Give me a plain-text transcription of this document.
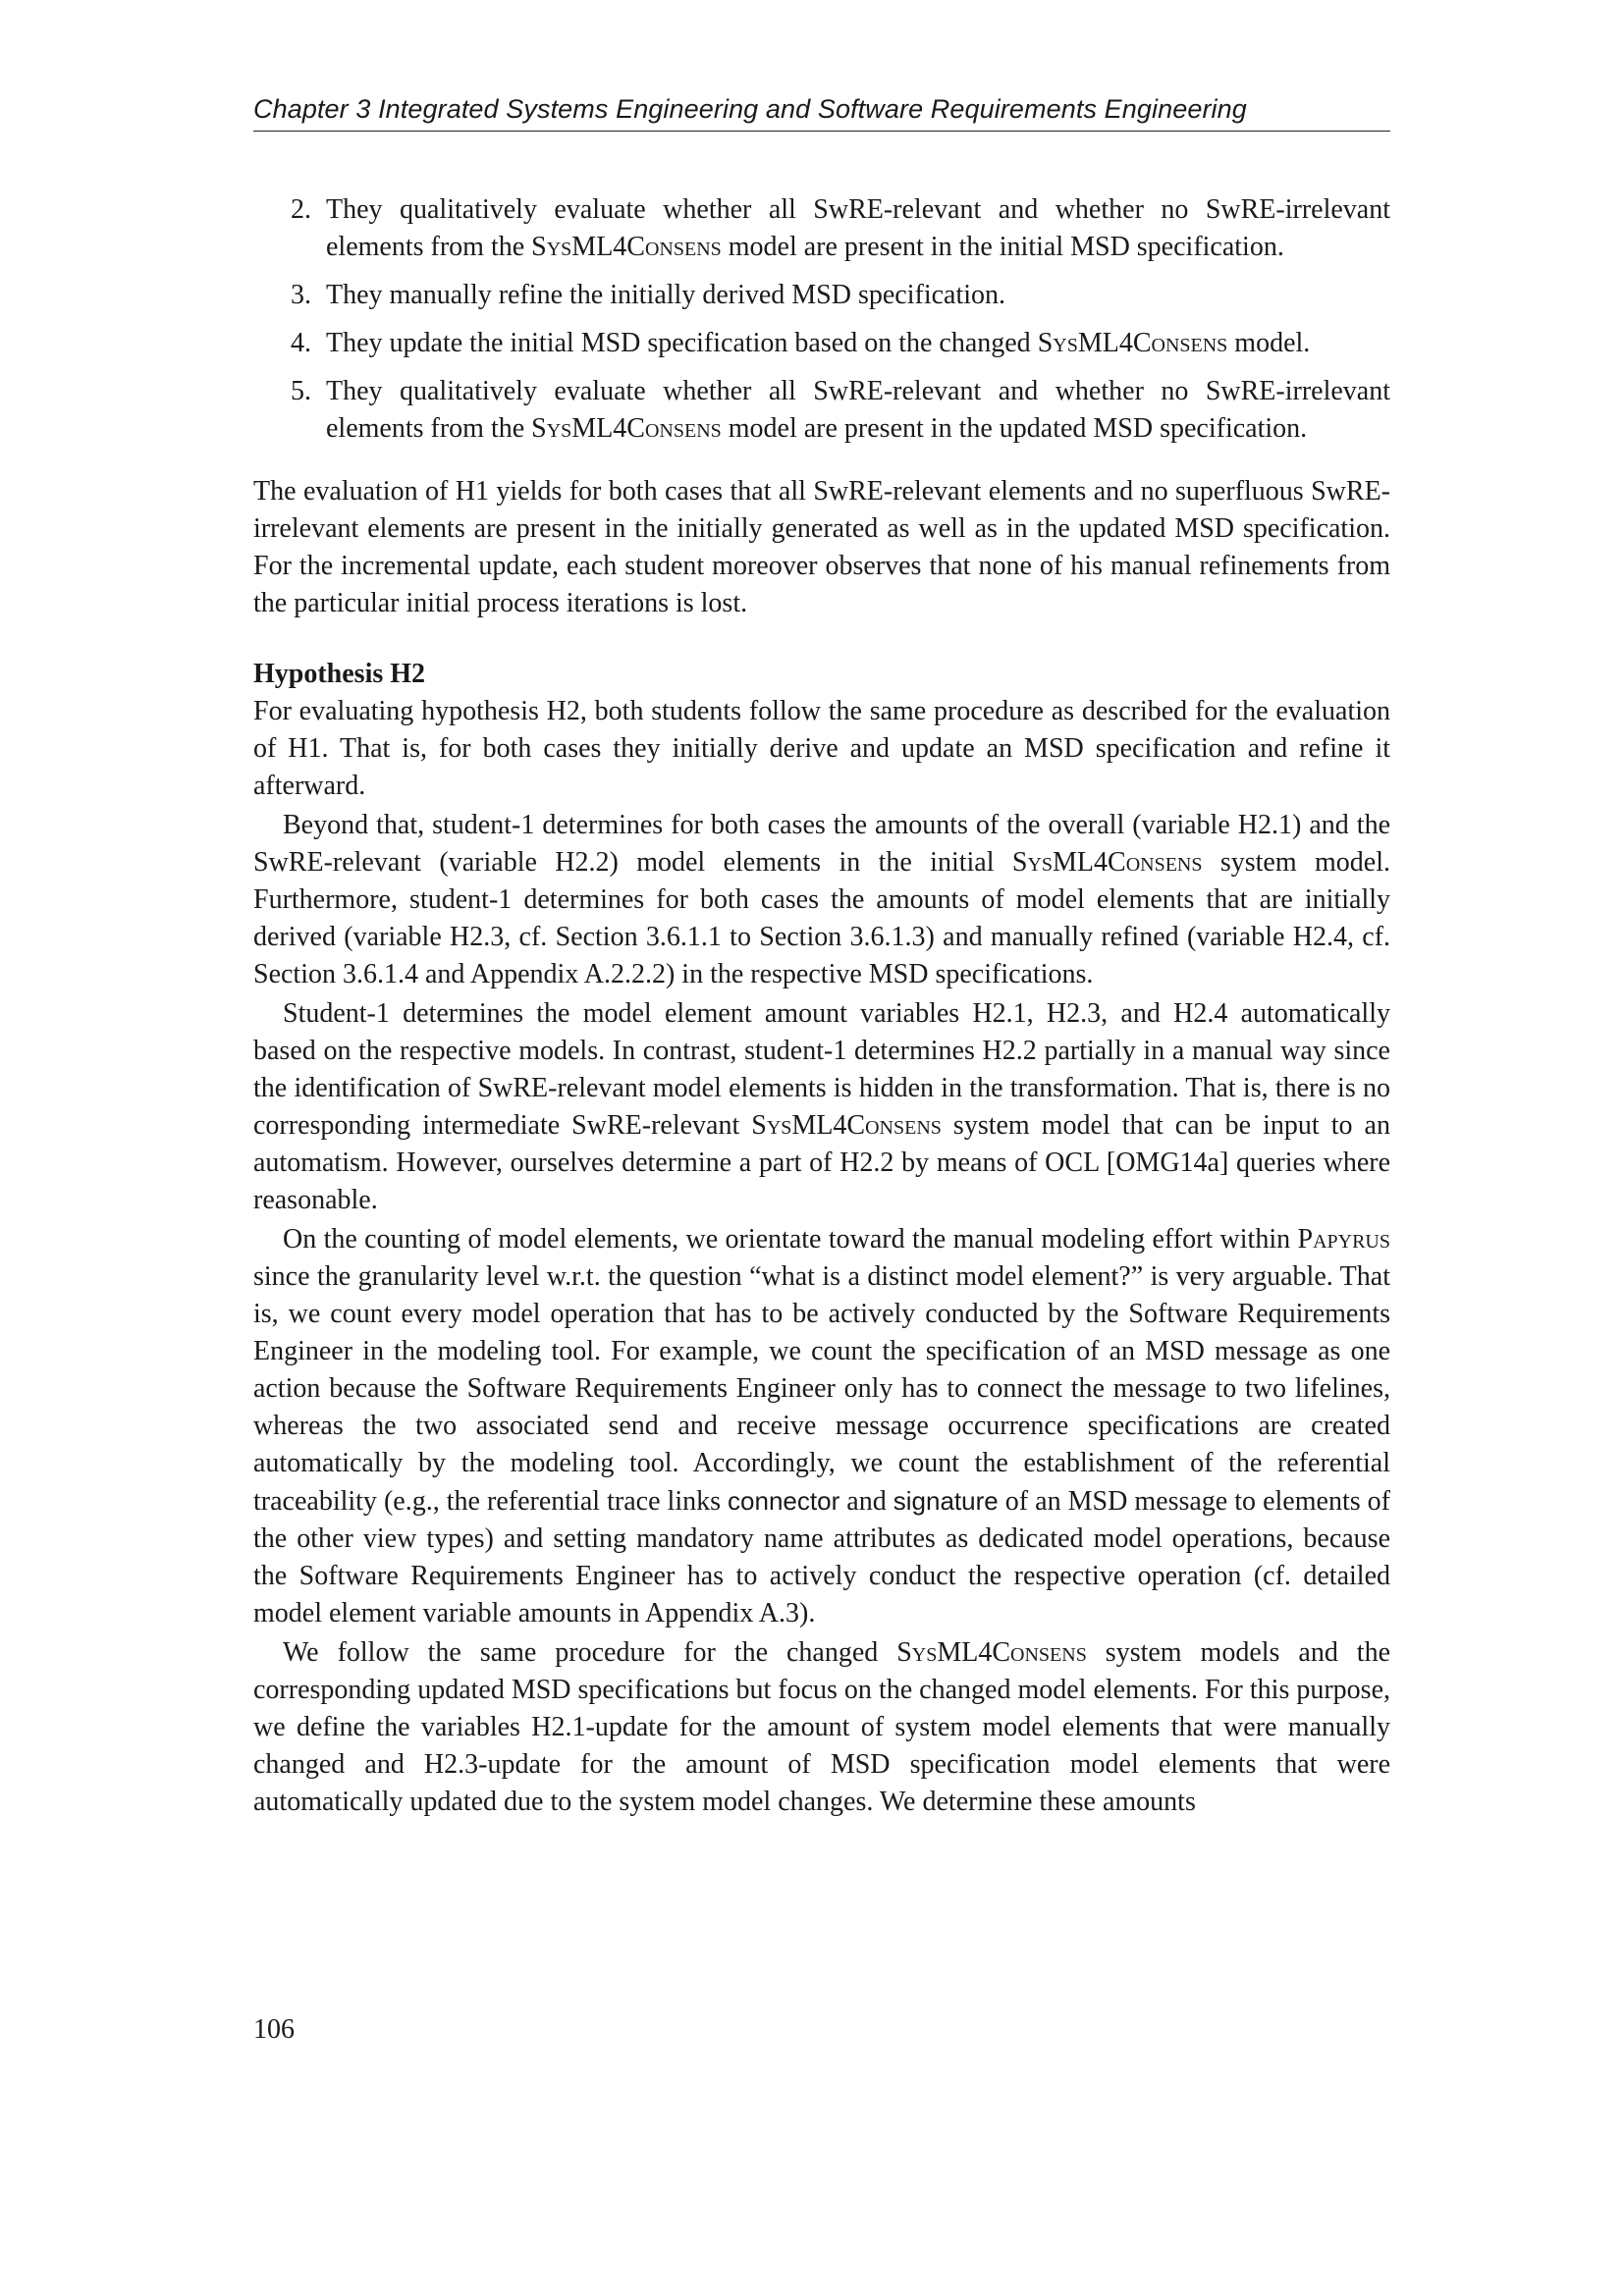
Chapter 3 Integrated Systems Engineering and Software Requirements Engineering
2. They qualitatively evaluate whether all SwRE-relevant and whether no SwRE-irrelevant elements from the SysML4Consens model are present in the initial MSD specification.
3. They manually refine the initially derived MSD specification.
4. They update the initial MSD specification based on the changed SysML4Consens model.
5. They qualitatively evaluate whether all SwRE-relevant and whether no SwRE-irrelevant elements from the SysML4Consens model are present in the updated MSD specification.

The evaluation of H1 yields for both cases that all SwRE-relevant elements and no superfluous SwRE-irrelevant elements are present in the initially generated as well as in the updated MSD specification. For the incremental update, each student moreover observes that none of his manual refinements from the particular initial process iterations is lost.

Hypothesis H2

For evaluating hypothesis H2, both students follow the same procedure as described for the evaluation of H1. That is, for both cases they initially derive and update an MSD specification and refine it afterward.

Beyond that, student-1 determines for both cases the amounts of the overall (variable H2.1) and the SwRE-relevant (variable H2.2) model elements in the initial SysML4Consens system model. Furthermore, student-1 determines for both cases the amounts of model elements that are initially derived (variable H2.3, cf. Section 3.6.1.1 to Section 3.6.1.3) and manually refined (variable H2.4, cf. Section 3.6.1.4 and Appendix A.2.2.2) in the respective MSD specifications.

Student-1 determines the model element amount variables H2.1, H2.3, and H2.4 automatically based on the respective models. In contrast, student-1 determines H2.2 partially in a manual way since the identification of SwRE-relevant model elements is hidden in the transformation. That is, there is no corresponding intermediate SwRE-relevant SysML4Consens system model that can be input to an automatism. However, ourselves determine a part of H2.2 by means of OCL [OMG14a] queries where reasonable.

On the counting of model elements, we orientate toward the manual modeling effort within Papyrus since the granularity level w.r.t. the question “what is a distinct model element?” is very arguable. That is, we count every model operation that has to be actively conducted by the Software Requirements Engineer in the modeling tool. For example, we count the specification of an MSD message as one action because the Software Requirements Engineer only has to connect the message to two lifelines, whereas the two associated send and receive message occurrence specifications are created automatically by the modeling tool. Accordingly, we count the establishment of the referential traceability (e.g., the referential trace links connector and signature of an MSD message to elements of the other view types) and setting mandatory name attributes as dedicated model operations, because the Software Requirements Engineer has to actively conduct the respective operation (cf. detailed model element variable amounts in Appendix A.3).

We follow the same procedure for the changed SysML4Consens system models and the corresponding updated MSD specifications but focus on the changed model elements. For this purpose, we define the variables H2.1-update for the amount of system model elements that were manually changed and H2.3-update for the amount of MSD specification model elements that were automatically updated due to the system model changes. We determine these amounts

106
